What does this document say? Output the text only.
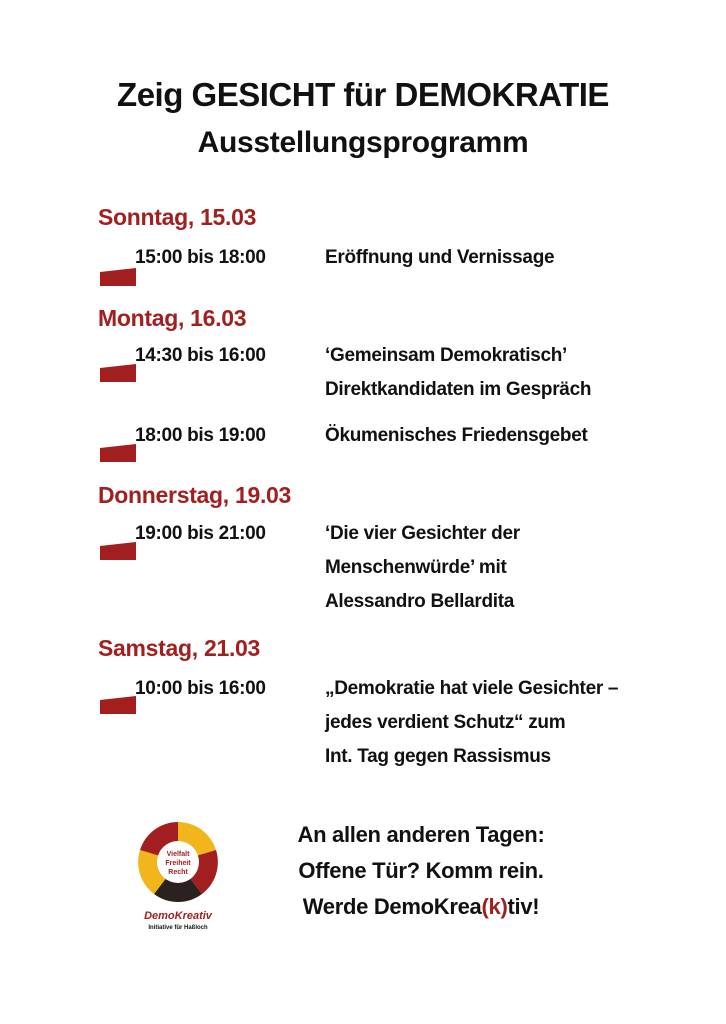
Zeig GESICHT für DEMOKRATIE
Ausstellungsprogramm
Sonntag, 15.03
15:00 bis 18:00	Eröffnung und Vernissage
Montag, 16.03
14:30 bis 16:00	‘Gemeinsam Demokratisch’
Direktkandidaten im Gespräch
18:00 bis 19:00	Ökumenisches Friedensgebet
Donnerstag, 19.03
19:00 bis 21:00	‘Die vier Gesichter der
Menschenwürde’ mit
Alessandro Bellardita
Samstag, 21.03
10:00 bis 16:00	„Demokratie hat viele Gesichter –
jedes verdient Schutz“ zum
Int. Tag gegen Rassismus
Vielfalt
Freiheit
Recht
DemoKreativ
Initiative für Haßloch
An allen anderen Tagen:
Offene Tür? Komm rein.
Werde DemoKrea(k)tiv!
